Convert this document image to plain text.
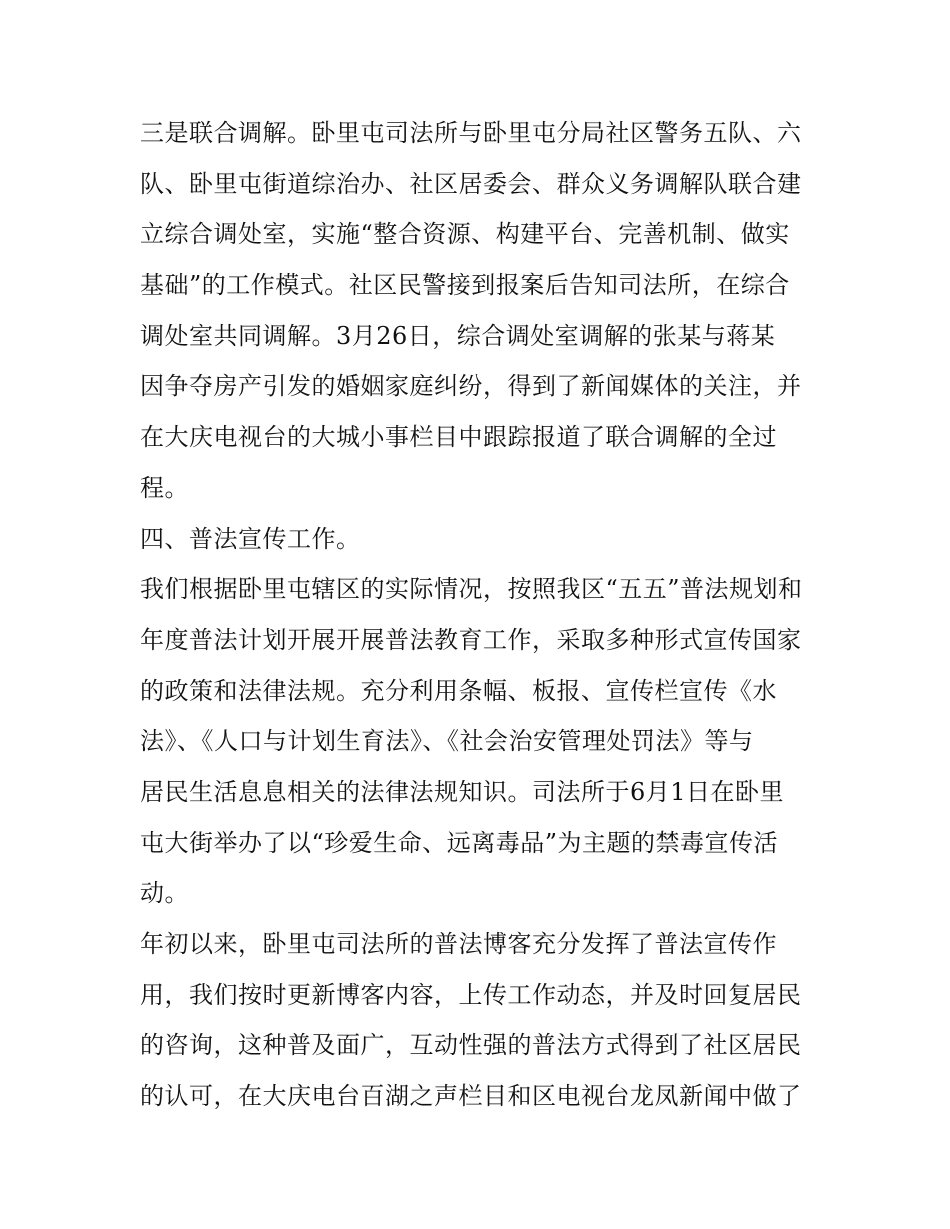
三是联合调解。卧里屯司法所与卧里屯分局社区警务五队、六
队、卧里屯街道综治办、社区居委会、群众义务调解队联合建
立综合调处室，实施“整合资源、构建平台、完善机制、做实
基础”的工作模式。社区民警接到报案后告知司法所，在综合
调处室共同调解。3月26日，综合调处室调解的张某与蒋某
因争夺房产引发的婚姻家庭纠纷，得到了新闻媒体的关注，并
在大庆电视台的大城小事栏目中跟踪报道了联合调解的全过
程。
四、普法宣传工作。
我们根据卧里屯辖区的实际情况，按照我区“五五”普法规划和
年度普法计划开展开展普法教育工作，采取多种形式宣传国家
的政策和法律法规。充分利用条幅、板报、宣传栏宣传《水
法》、《人口与计划生育法》、《社会治安管理处罚法》等与
居民生活息息相关的法律法规知识。司法所于6月1日在卧里
屯大街举办了以“珍爱生命、远离毒品”为主题的禁毒宣传活
动。
年初以来，卧里屯司法所的普法博客充分发挥了普法宣传作
用，我们按时更新博客内容，上传工作动态，并及时回复居民
的咨询，这种普及面广，互动性强的普法方式得到了社区居民
的认可，在大庆电台百湖之声栏目和区电视台龙凤新闻中做了
